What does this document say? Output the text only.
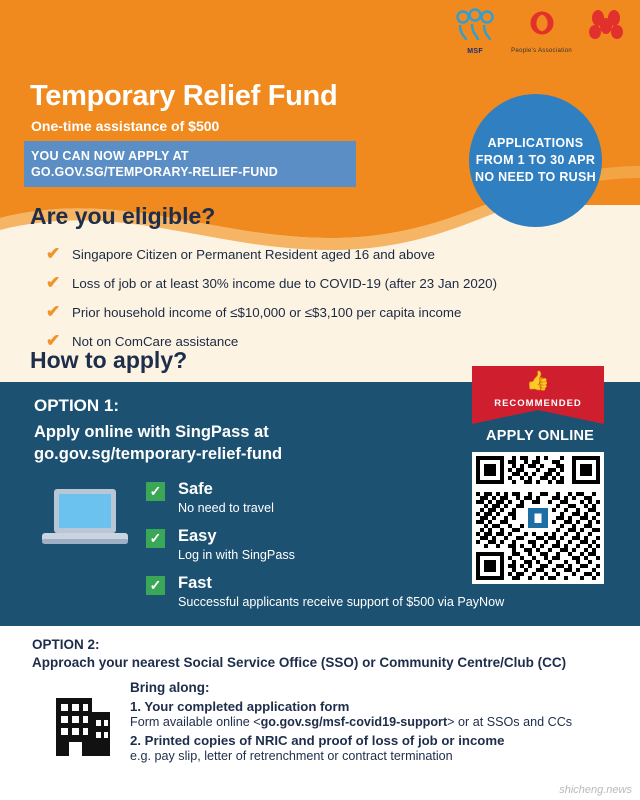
MSF	People's Association
Temporary Relief Fund
One-time assistance of $500
YOU CAN NOW APPLY AT
GO.GOV.SG/TEMPORARY-RELIEF-FUND
APPLICATIONS FROM 1 TO 30 APR NO NEED TO RUSH
Are you eligible?
✔ Singapore Citizen or Permanent Resident aged 16 and above
✔ Loss of job or at least 30% income due to COVID-19 (after 23 Jan 2020)
✔ Prior household income of ≤$10,000 or ≤$3,100 per capita income
✔ Not on ComCare assistance
How to apply?
👍
RECOMMENDED
OPTION 1:
Apply online with SingPass at
go.gov.sg/temporary-relief-fund
APPLY ONLINE
✓ Safe
No need to travel
✓ Easy
Log in with SingPass
✓ Fast
Successful applicants receive support of $500 via PayNow
OPTION 2:
Approach your nearest Social Service Office (SSO) or Community Centre/Club (CC)
Bring along:
1. Your completed application form
Form available online <go.gov.sg/msf-covid19-support> or at SSOs and CCs
2. Printed copies of NRIC and proof of loss of job or income
e.g. pay slip, letter of retrenchment or contract termination
shicheng.news
